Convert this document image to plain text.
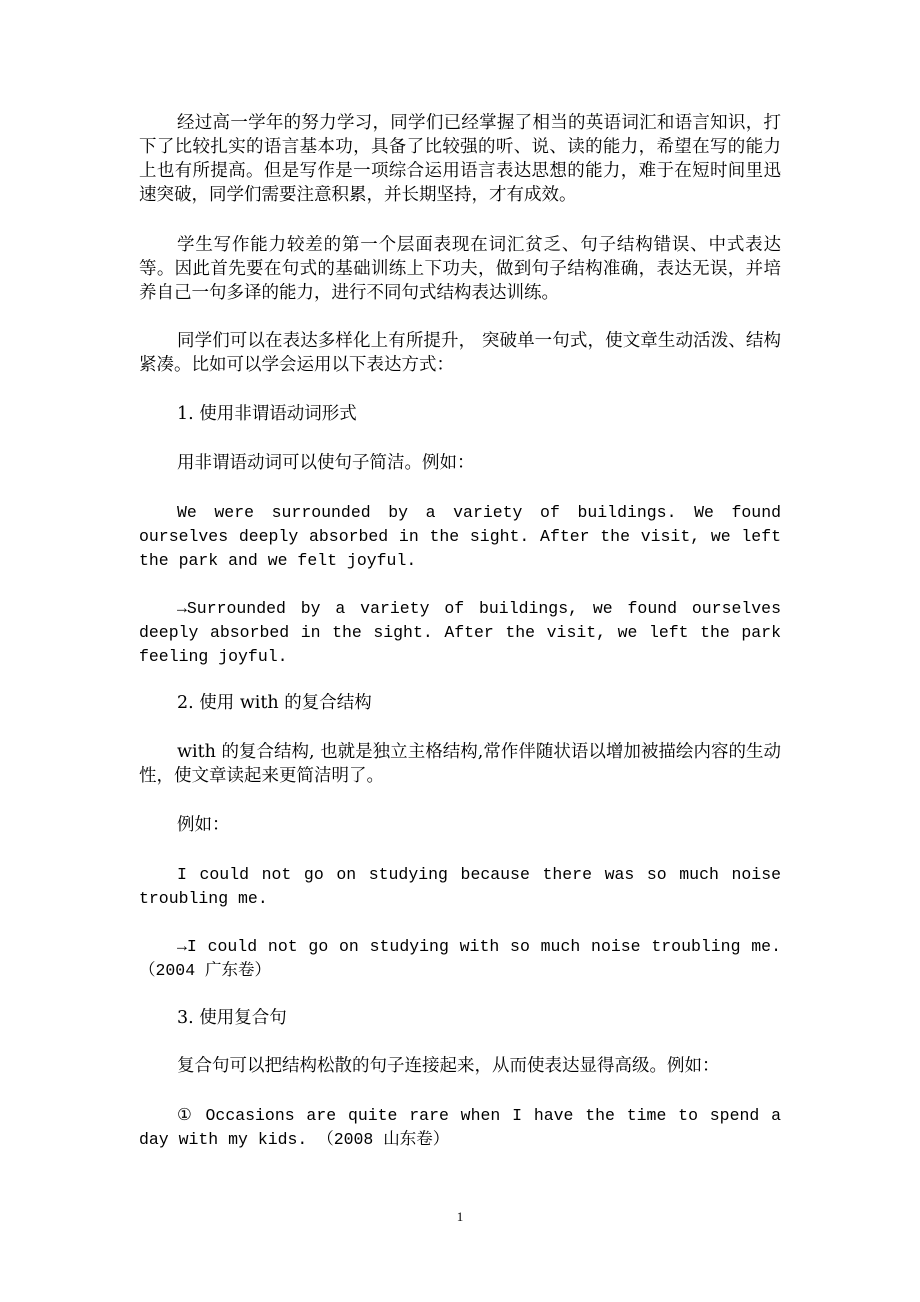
经过高一学年的努力学习，同学们已经掌握了相当的英语词汇和语言知识，打下了比较扎实的语言基本功，具备了比较强的听、说、读的能力，希望在写的能力上也有所提高。但是写作是一项综合运用语言表达思想的能力，难于在短时间里迅速突破，同学们需要注意积累，并长期坚持，才有成效。

学生写作能力较差的第一个层面表现在词汇贫乏、句子结构错误、中式表达等。因此首先要在句式的基础训练上下功夫，做到句子结构准确，表达无误，并培养自己一句多译的能力，进行不同句式结构表达训练。

同学们可以在表达多样化上有所提升， 突破单一句式，使文章生动活泼、结构紧凑。比如可以学会运用以下表达方式：

1. 使用非谓语动词形式

用非谓语动词可以使句子简洁。例如：

We were surrounded by a variety of buildings. We found ourselves deeply absorbed in the sight. After the visit, we left the park and we felt joyful.

→Surrounded by a variety of buildings, we found ourselves deeply absorbed in the sight. After the visit, we left the park feeling joyful.

2. 使用 with 的复合结构

with 的复合结构, 也就是独立主格结构,常作伴随状语以增加被描绘内容的生动性，使文章读起来更简洁明了。

例如：

I could not go on studying because there was so much noise troubling me.

→I could not go on studying with so much noise troubling me.（2004 广东卷）

3. 使用复合句

复合句可以把结构松散的句子连接起来，从而使表达显得高级。例如：

① Occasions are quite rare when I have the time to spend a day with my kids. （2008 山东卷）

1
